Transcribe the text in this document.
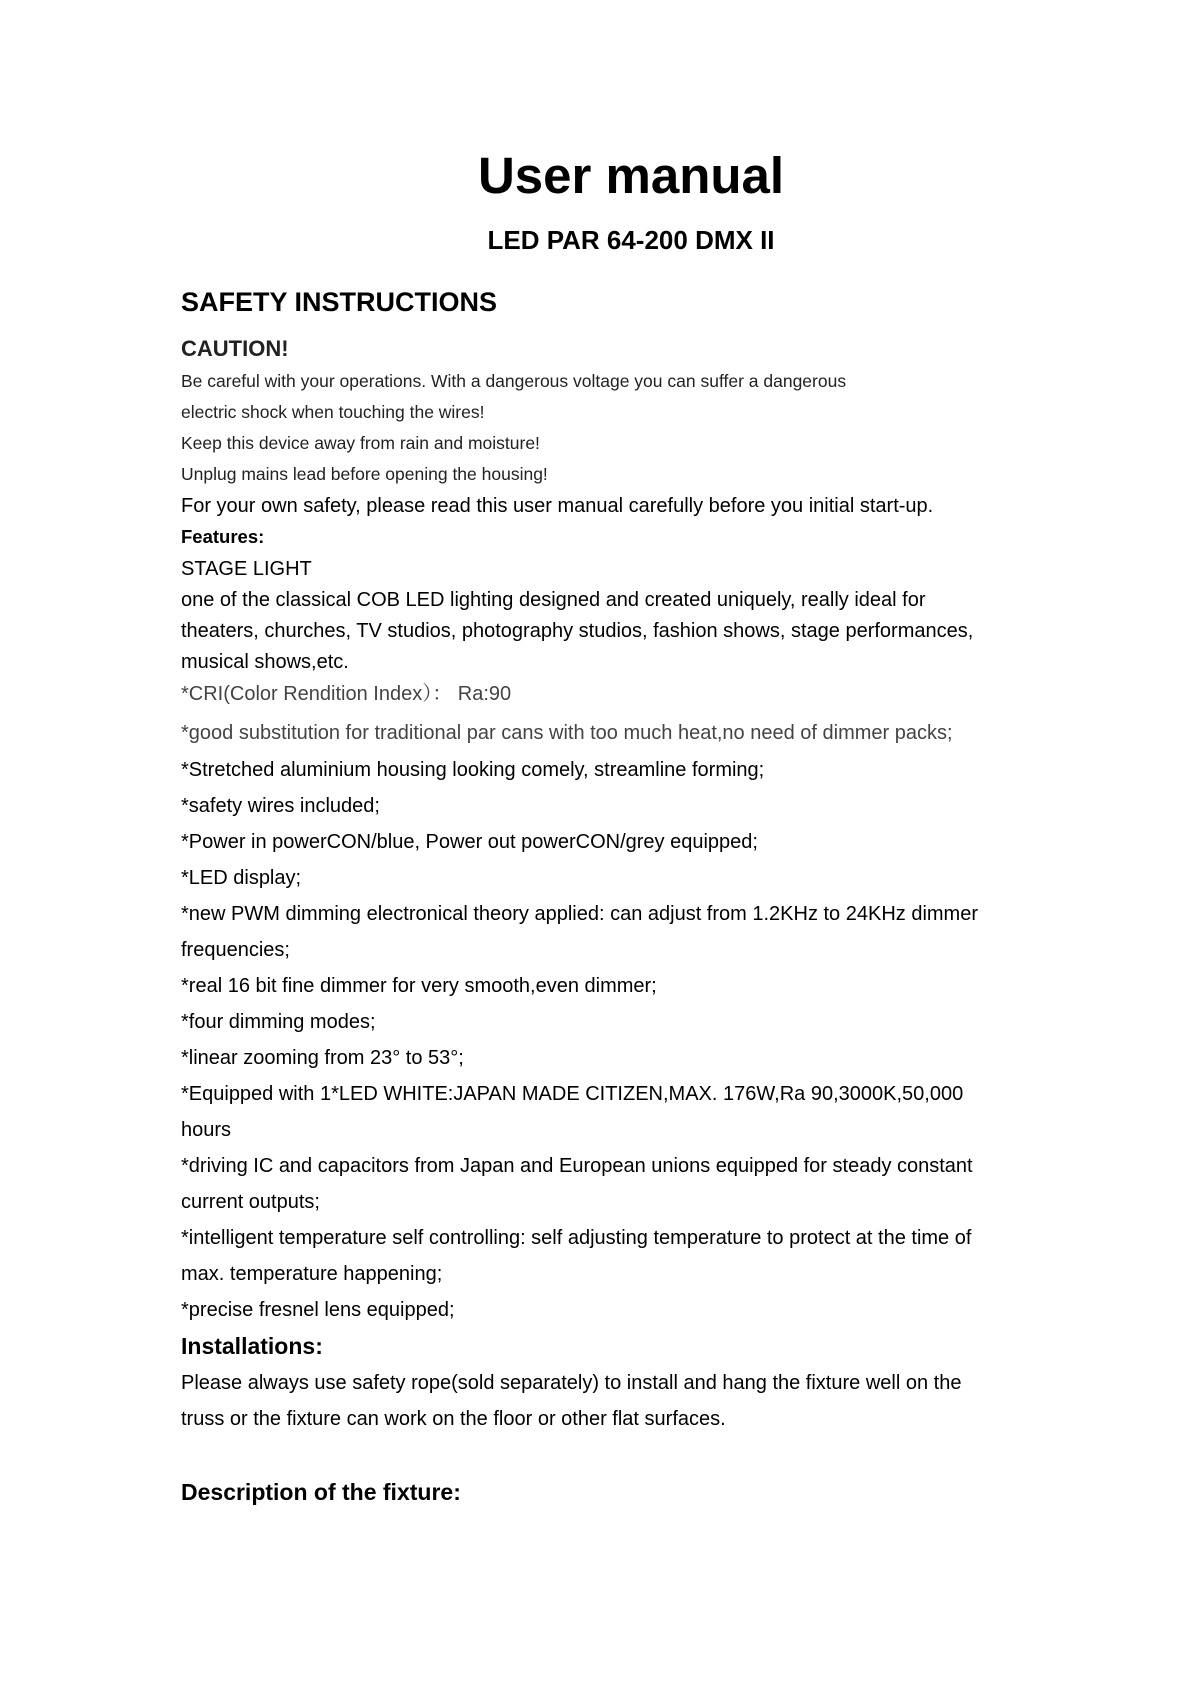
User manual
LED PAR 64-200 DMX II
SAFETY INSTRUCTIONS
CAUTION!

Be careful with your operations. With a dangerous voltage you can suffer a dangerous

electric shock when touching the wires!

Keep this device away from rain and moisture!

Unplug mains lead before opening the housing!

For your own safety, please read this user manual carefully before you initial start-up.

Features:

STAGE LIGHT

one of the classical COB LED lighting designed and created uniquely, really ideal for

theaters, churches, TV studios, photography studios, fashion shows, stage performances,

musical shows,etc.

*CRI(Color Rendition Index）： Ra:90

*good substitution for traditional par cans with too much heat,no need of dimmer packs;

*Stretched aluminium housing looking comely, streamline forming;

*safety wires included;

*Power in powerCON/blue, Power out powerCON/grey equipped;

*LED display;

*new PWM dimming electronical theory applied: can adjust from 1.2KHz to 24KHz dimmer

frequencies;

*real 16 bit fine dimmer for very smooth,even dimmer;

*four dimming modes;

*linear zooming from 23° to 53°;

*Equipped with 1*LED WHITE:JAPAN MADE CITIZEN,MAX. 176W,Ra 90,3000K,50,000

hours

*driving IC and capacitors from Japan and European unions equipped for steady constant

current outputs;

*intelligent temperature self controlling: self adjusting temperature to protect at the time of

max. temperature happening;

*precise fresnel lens equipped;

Installations:

Please always use safety rope(sold separately) to install and hang the fixture well on the

truss or the fixture can work on the floor or other flat surfaces.

Description of the fixture:
